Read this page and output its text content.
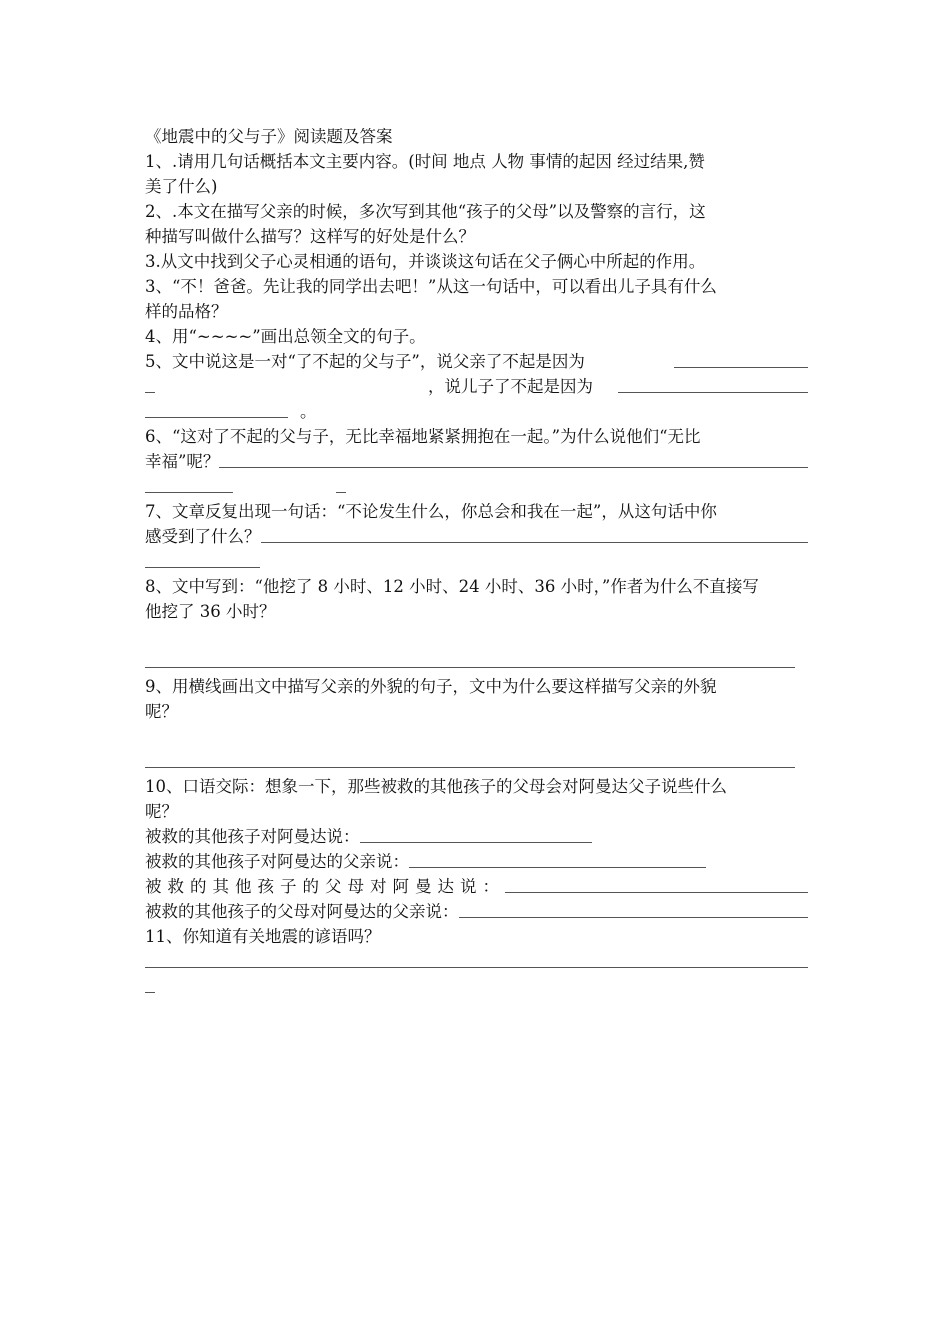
《地震中的父与子》阅读题及答案
1、.请用几句话概括本文主要内容。(时间 地点 人物 事情的起因 经过结果,赞
美了什么)
2、.本文在描写父亲的时候，多次写到其他“孩子的父母”以及警察的言行，这
种描写叫做什么描写？这样写的好处是什么？
3.从文中找到父子心灵相通的语句，并谈谈这句话在父子俩心中所起的作用。
3、“不！爸爸。先让我的同学出去吧！”从这一句话中，可以看出儿子具有什么
样的品格？
4、用“~~~~”画出总领全文的句子。
5、文中说这是一对“了不起的父与子”，说父亲了不起是因为
，说儿子了不起是因为
。
6、“这对了不起的父与子，无比幸福地紧紧拥抱在一起。”为什么说他们“无比
幸福”呢？
7、文章反复出现一句话：“不论发生什么，你总会和我在一起”，从这句话中你
感受到了什么？
8、文中写到：“他挖了 8 小时、12 小时、24 小时、36 小时，”作者为什么不直接写
他挖了 36 小时？
9、用横线画出文中描写父亲的外貌的句子，文中为什么要这样描写父亲的外貌
呢？
10、口语交际：想象一下，那些被救的其他孩子的父母会对阿曼达父子说些什么
呢？
被救的其他孩子对阿曼达说：
被救的其他孩子对阿曼达的父亲说：
被救的其他孩子的父母对阿曼达说：
被救的其他孩子的父母对阿曼达的父亲说：
11、你知道有关地震的谚语吗？
